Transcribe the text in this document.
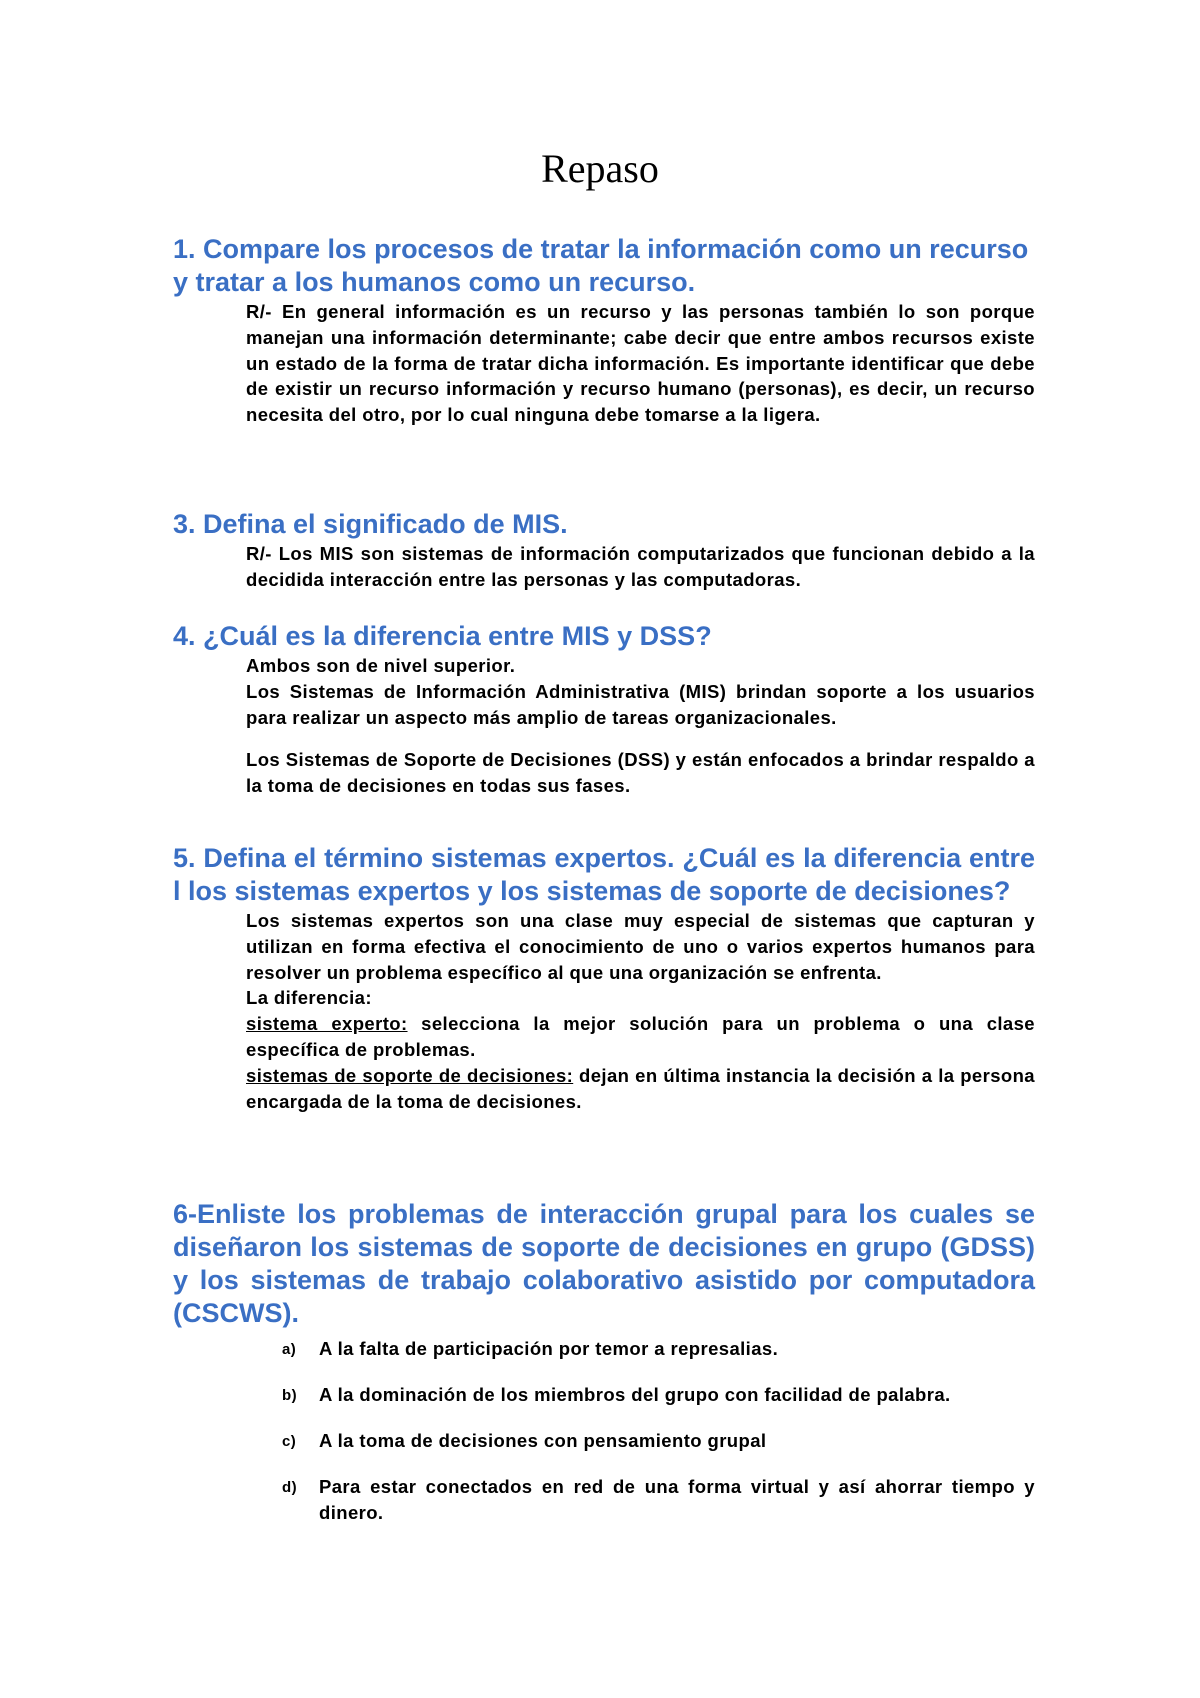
Repaso

1. Compare los procesos de tratar la información como un recurso y tratar a los humanos como un recurso.

R/- En general información es un recurso y las personas también lo son porque manejan una información determinante; cabe decir que entre ambos recursos existe un estado de la forma de tratar dicha información. Es importante identificar que debe de existir un recurso información y recurso humano (personas), es decir, un recurso necesita del otro, por lo cual ninguna debe tomarse a la ligera.

3. Defina el significado de MIS.

R/- Los MIS son sistemas de información computarizados que funcionan debido a la decidida interacción entre las personas y las computadoras.

4. ¿Cuál es la diferencia entre MIS y DSS?

Ambos son de nivel superior.

Los Sistemas de Información Administrativa (MIS) brindan soporte a los usuarios para realizar un aspecto más amplio de tareas organizacionales.

Los Sistemas de Soporte de Decisiones (DSS) y están enfocados a brindar respaldo a la toma de decisiones en todas sus fases.

5. Defina el término sistemas expertos. ¿Cuál es la diferencia entre l los sistemas expertos y los sistemas de soporte de decisiones?

Los sistemas expertos son una clase muy especial de sistemas que capturan y utilizan en forma efectiva el conocimiento de uno o varios expertos humanos para resolver un problema específico al que una organización se enfrenta.

La diferencia:

sistema experto: selecciona la mejor solución para un problema o una clase específica de problemas.

sistemas de soporte de decisiones: dejan en última instancia la decisión a la persona encargada de la toma de decisiones.

6-Enliste los problemas de interacción grupal para los cuales se diseñaron los sistemas de soporte de decisiones en grupo (GDSS) y los sistemas de trabajo colaborativo asistido por computadora (CSCWS).

a) A la falta de participación por temor a represalias.
b) A la dominación de los miembros del grupo con facilidad de palabra.
c) A la toma de decisiones con pensamiento grupal
d) Para estar conectados en red de una forma virtual y así ahorrar tiempo y dinero.
